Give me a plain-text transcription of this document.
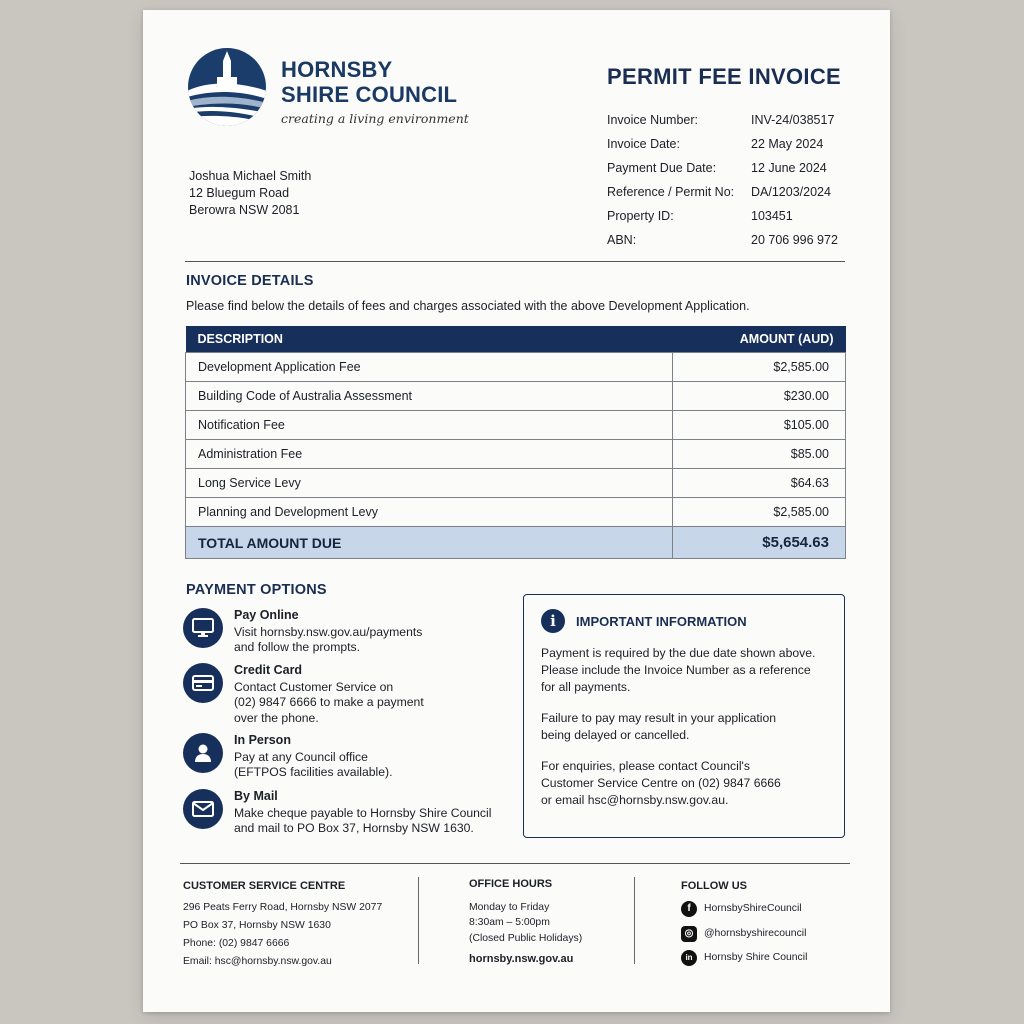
HORNSBY
SHIRE COUNCIL
creating a living environment
PERMIT FEE INVOICE
Invoice Number:	INV-24/038517
Invoice Date:	22 May 2024
Payment Due Date:	12 June 2024
Reference / Permit No:	DA/1203/2024
Property ID:	103451
ABN:	20 706 996 972
Joshua Michael Smith
12 Bluegum Road
Berowra NSW 2081
INVOICE DETAILS
Please find below the details of fees and charges associated with the above Development Application.
DESCRIPTION	AMOUNT (AUD)
Development Application Fee	$2,585.00
Building Code of Australia Assessment	$230.00
Notification Fee	$105.00
Administration Fee	$85.00
Long Service Levy	$64.63
Planning and Development Levy	$2,585.00
TOTAL AMOUNT DUE	$5,654.63
PAYMENT OPTIONS
Pay Online
Visit hornsby.nsw.gov.au/payments
and follow the prompts.
Credit Card
Contact Customer Service on
(02) 9847 6666 to make a payment
over the phone.
In Person
Pay at any Council office
(EFTPOS facilities available).
By Mail
Make cheque payable to Hornsby Shire Council
and mail to PO Box 37, Hornsby NSW 1630.
i	IMPORTANT INFORMATION

Payment is required by the due date shown above.
Please include the Invoice Number as a reference
for all payments.

Failure to pay may result in your application
being delayed or cancelled.

For enquiries, please contact Council's
Customer Service Centre on (02) 9847 6666
or email hsc@hornsby.nsw.gov.au.

CUSTOMER SERVICE CENTRE
296 Peats Ferry Road, Hornsby NSW 2077
PO Box 37, Hornsby NSW 1630
Phone: (02) 9847 6666
Email: hsc@hornsby.nsw.gov.au
OFFICE HOURS
Monday to Friday
8:30am – 5:00pm
(Closed Public Holidays)
hornsby.nsw.gov.au
FOLLOW US
f	HornsbyShireCouncil
◎	@hornsbyshirecouncil
in	Hornsby Shire Council
